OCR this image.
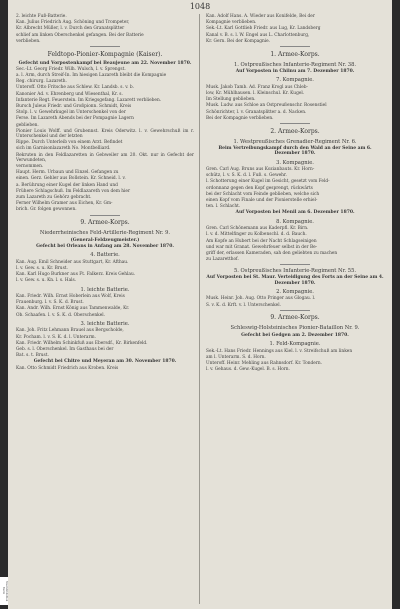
1048
2. leichte Fuß-Batterie.
Kan. Julius Friedrich Aug. Schöning und Trompeter,
Kr. Albrecht Müller, l. v. Durch den Granatsplitter
schlief am linken Oberschenkel gefangen. Bei der Batterie
verblieben.
Feldtopo-Pionier-Kompagnie (Kaiser).
Gefecht und Vorpostenkampf bei Beaujeune am 22. November 1870.
Sec.-Lt. Georg Friedr. Wilh. Wulsch, l. v. Sprengst.
a. l. Arm, durch Streif-In. Im hiesigen Lazareth bleibt die Kompagnie
Reg. chirurg. Lazareth.
Unteroff. Otto Fritsche aus Schlew. Kr. Landsb. s. v. b.
Kanonier Ad. v. Ehrenberg und Wiesenthal, Kr. s.
Infanterie Regt. Feuerstein. Im Kriegsgefang. Lazarett verblieben.
Bursch Juleus Friedr. und Großpionn. Schmidt, Kreis
Stolp. l. v. Gewehrkugel im Unterschenkel von der
Ferse. Im Lazareth Abends bei der Pompagnie Lagern
geblieben.
Pionier Louis Wolff. und Grubennst. Kreis Oderwitz. l. v. Gewehrschuß im r. Unterschenkel und der letzten
Rippe. Durch Unterleib von einem Arzt. Befindet
sich im Garnisonlazareth No. Montbelliard.
Rekruten in den Feldlazaretten in Gebweiler am 20. Okt. nur in Gefecht der Verwundeten,
vernommen.
Haupt. Herm. Urbaun und Einzel. Gefangen zu
einen. Gerz. Gehler aus Bollstein. Kr. Schneid. l. v.
a. Berührung einer Kugel der linken Hand und
Frühere Schlagschuß. Im Feldlazareth von dem hier
zum Lazareth zu Gehörz gebracht.
Ferner Wilhelm Gramer aus Eichen, Kr. Gm-
brich. Gr. folgen gewonnen.
9. Armee-Korps.
Niederrheinisches Feld-Artillerie-Regiment Nr. 9.
(General-Feldzeugmeister.)
Gefecht bei Orleans in Anfang am 28. November 1870.
4. Batterie.
Kan. Aug. Emil Schneider aus Stuttgart, Kr. Afthau.
l. v. Gew. s. u. Kr. Brust.
Kan. Karl Hugo Burkner aus Ft. Falkerz. Kreis Gehlau.
l. v. Gew. s. u. Kn. l. s. Hals.
1. leichte Batterie.
Kan. Friedr. Wilh. Ernst Hoberlein aus Wolf, Kreis
Frauenburg. l. v. S. K. d. Brust.
Kan. Andr. Wilh. Ernst König aus Tammenwalde, Kr.
Ob. Schaafen. l. v. S. K. d. Oberschenkel.
3. leichte Batterie.
Kan. Joh. Fritz Lehmann Brauel aus Bergscholde,
Kr. Pocham. l. v. S. K. d. l. Unterarm.
Kan. Friedr. Wilhelm Schinkfuß aus Ebersdf., Kr. Birkenfeld.
Geb. s. l. Oberschenkel. Im Gasthaus bei der
Bat. s. t. Brust.
Gefecht bei Chitre und Meyeran am 30. November 1870.
Kan. Otto Schmidt Friedrich aus Kroben. Kreis
Kan. Adolf Hans. A. Wieder aus Konifelde, Bei der
Kompagnie verblieben.
Sek.-Lt. Karl Gottlieb Friedr. aus Lug, Kr. Landsberg
Kanal v. B. s. l. W. Engel aus L. Charlottenburg,
Kr. Gern. Bei der Kompagnie.
1. Armee-Korps.
1. Ostpreußisches Infanterie-Regiment Nr. 38.
Auf Vorposten in Chiinu am 7. Dezember 1870.
7. Kompagnie.
Musk. Jakob Tamb. Ad. Franz Krogl aus Chleb-
low, Kr. Mühlhausen. l. Kleinschul. Kr. Kugel.
Im Stellung geblieben.
Musk. Ludw. aus Schloe an Ostpreußenschr. Rosenstiel
Schönrichter, l. v. Granatsplitter a. d. Nacken.
Bei der Kompagnie verblieben.
2. Armee-Korps.
1. Westpreußisches Grenadier-Regiment Nr. 6.
Beim Vertreibungskampf durch den Wald an der Seine am 6. Dezember 1870.
3. Kompagnie.
Gren. Carl Aug. Bruns aus Kozianbauts. Kr. Horn-
schütz, l. v. S. K. d. l. Fuß. s. Gewehr.
l. Schotterung einer Kugel im Gesicht, gesetzt vom Feld-
ordonnanz gegen den Kopf gesprengt, rückwärts
bei der Schlacht vom Feinde geblieben, welche sich
einen Kopf vom Finale und der Pionierstelle erhiel-
ten. l. Schlacht.
Auf Vorposten bei Menil am 6. Dezember 1870.
8. Kompagnie.
Gren. Carl Schönemann aus Kaderpfl. Kr. Birn.
l. v. d. Mittelfinger zu Kolbenschl. d. d. Bauch.
Am Kopfe an Hubert bei der Nacht Schlagseinigen
und war mit Granat. Gewehrfeuer selbst in der Be-
griff der, erlassen Kameraden, sah den geliebten zu machen
zu Lazaretthof.
5. Ostpreußisches Infanterie-Regiment Nr. 55.
Auf Vorposten bei St. Maur. Verteidigung des Forts an der Seine am 4. Dezember 1870.
2. Kompagnie.
Musk. Heinr. Joh. Aug. Otto Pringer aus Glogau. l.
S. v. K. d. Krft. v. l. Unterschenkel.
9. Armee-Korps.
Schleswig-Holsteinisches Pionier-Bataillon Nr. 9.
Gefecht bei Gedgen am 2. Dezember 1870.
1. Feld-Kompagnie.
Sek.-Lt. Hans Friedr. Hennings aus Kiel. l. v. Streifschuß am linken
am l. Unterarm. S. d. Horn.
Unteroff. Heinr. Mehling aus Rahnsdorf. Kr. Tondern.
l. v. Gehaus. d. Gew.-Kugel. B. s. Horn.
Staatsbibliothek Berlin
